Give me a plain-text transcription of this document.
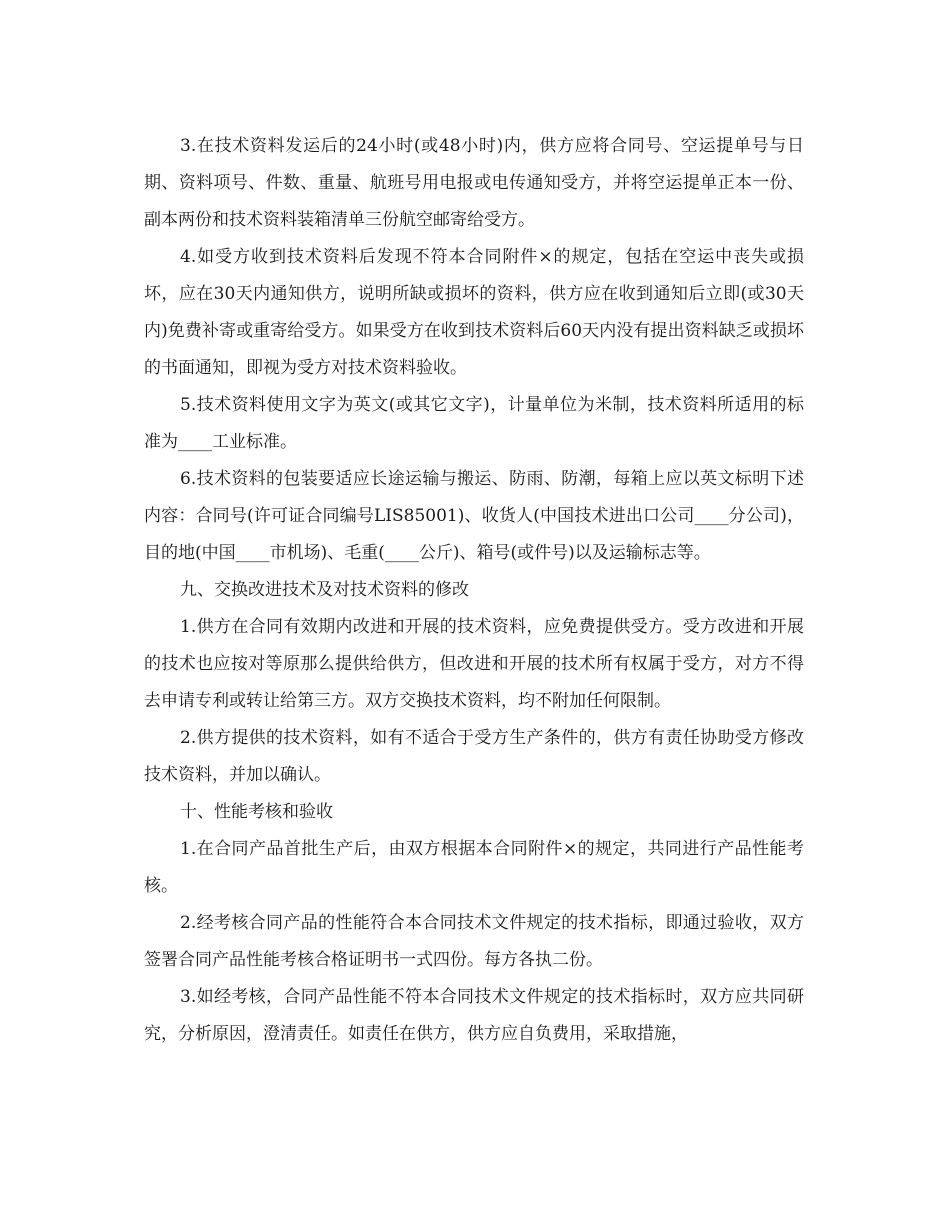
3.在技术资料发运后的24小时(或48小时)内，供方应将合同号、空运提单号与日期、资料项号、件数、重量、航班号用电报或电传通知受方，并将空运提单正本一份、副本两份和技术资料装箱清单三份航空邮寄给受方。

4.如受方收到技术资料后发现不符本合同附件×的规定，包括在空运中丧失或损坏，应在30天内通知供方，说明所缺或损坏的资料，供方应在收到通知后立即(或30天内)免费补寄或重寄给受方。如果受方在收到技术资料后60天内没有提出资料缺乏或损坏的书面通知，即视为受方对技术资料验收。

5.技术资料使用文字为英文(或其它文字)，计量单位为米制，技术资料所适用的标准为____工业标准。

6.技术资料的包装要适应长途运输与搬运、防雨、防潮，每箱上应以英文标明下述内容：合同号(许可证合同编号LIS85001)、收货人(中国技术进出口公司____分公司)，目的地(中国____市机场)、毛重(____公斤)、箱号(或件号)以及运输标志等。

九、交换改进技术及对技术资料的修改

1.供方在合同有效期内改进和开展的技术资料，应免费提供受方。受方改进和开展的技术也应按对等原那么提供给供方，但改进和开展的技术所有权属于受方，对方不得去申请专利或转让给第三方。双方交换技术资料，均不附加任何限制。

2.供方提供的技术资料，如有不适合于受方生产条件的，供方有责任协助受方修改技术资料，并加以确认。

十、性能考核和验收

1.在合同产品首批生产后，由双方根据本合同附件×的规定，共同进行产品性能考核。

2.经考核合同产品的性能符合本合同技术文件规定的技术指标，即通过验收，双方签署合同产品性能考核合格证明书一式四份。每方各执二份。

3.如经考核，合同产品性能不符本合同技术文件规定的技术指标时，双方应共同研究，分析原因，澄清责任。如责任在供方，供方应自负费用，采取措施，
